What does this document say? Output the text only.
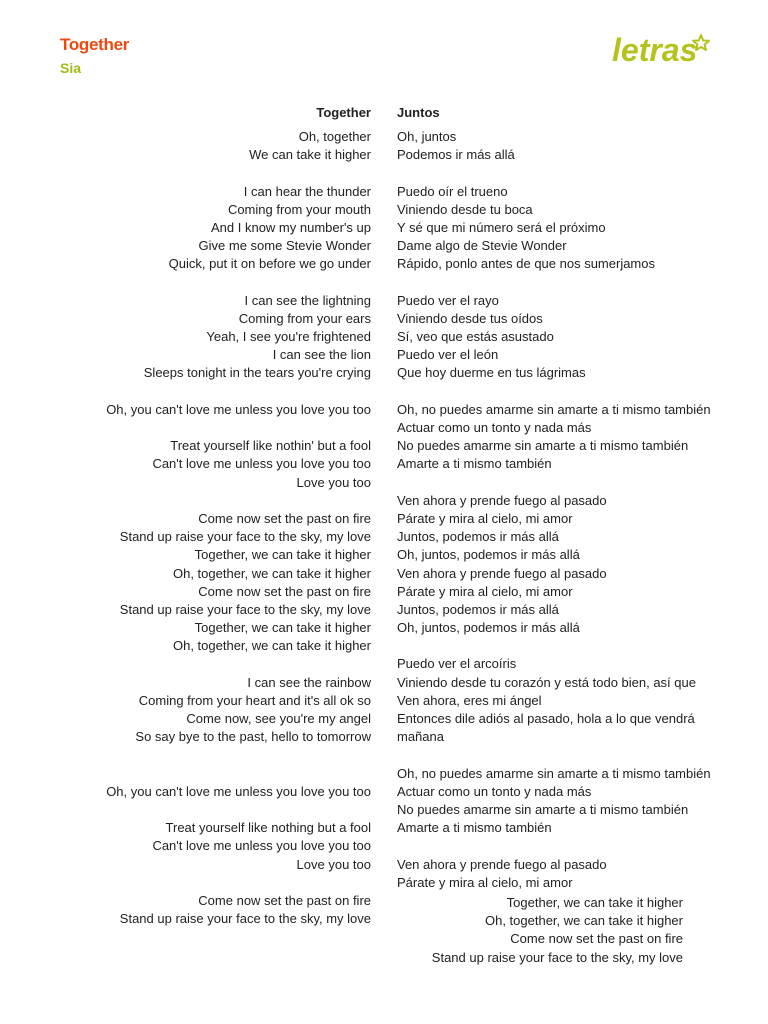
Together
Sia	letras
Together
Oh, together
We can take it higher
I can hear the thunder
Coming from your mouth
And I know my number's up
Give me some Stevie Wonder
Quick, put it on before we go under
I can see the lightning
Coming from your ears
Yeah, I see you're frightened
I can see the lion
Sleeps tonight in the tears you're crying
Oh, you can't love me unless you love you too
Treat yourself like nothin' but a fool
Can't love me unless you love you too
Love you too
Come now set the past on fire
Stand up raise your face to the sky, my love
Together, we can take it higher
Oh, together, we can take it higher
Come now set the past on fire
Stand up raise your face to the sky, my love
Together, we can take it higher
Oh, together, we can take it higher
I can see the rainbow
Coming from your heart and it's all ok so
Come now, see you're my angel
So say bye to the past, hello to tomorrow
Oh, you can't love me unless you love you too
Treat yourself like nothing but a fool
Can't love me unless you love you too
Love you too
Come now set the past on fire
Stand up raise your face to the sky, my love
Juntos
Oh, juntos
Podemos ir más allá
Puedo oír el trueno
Viniendo desde tu boca
Y sé que mi número será el próximo
Dame algo de Stevie Wonder
Rápido, ponlo antes de que nos sumerjamos
Puedo ver el rayo
Viniendo desde tus oídos
Sí, veo que estás asustado
Puedo ver el león
Que hoy duerme en tus lágrimas
Oh, no puedes amarme sin amarte a ti mismo también
Actuar como un tonto y nada más
No puedes amarme sin amarte a ti mismo también
Amarte a ti mismo también
Ven ahora y prende fuego al pasado
Párate y mira al cielo, mi amor
Juntos, podemos ir más allá
Oh, juntos, podemos ir más allá
Ven ahora y prende fuego al pasado
Párate y mira al cielo, mi amor
Juntos, podemos ir más allá
Oh, juntos, podemos ir más allá
Puedo ver el arcoíris
Viniendo desde tu corazón y está todo bien, así que
Ven ahora, eres mi ángel
Entonces dile adiós al pasado, hola a lo que vendrá
mañana
Oh, no puedes amarme sin amarte a ti mismo también
Actuar como un tonto y nada más
No puedes amarme sin amarte a ti mismo también
Amarte a ti mismo también
Ven ahora y prende fuego al pasado
Párate y mira al cielo, mi amor
Together, we can take it higher
Oh, together, we can take it higher
Come now set the past on fire
Stand up raise your face to the sky, my love
